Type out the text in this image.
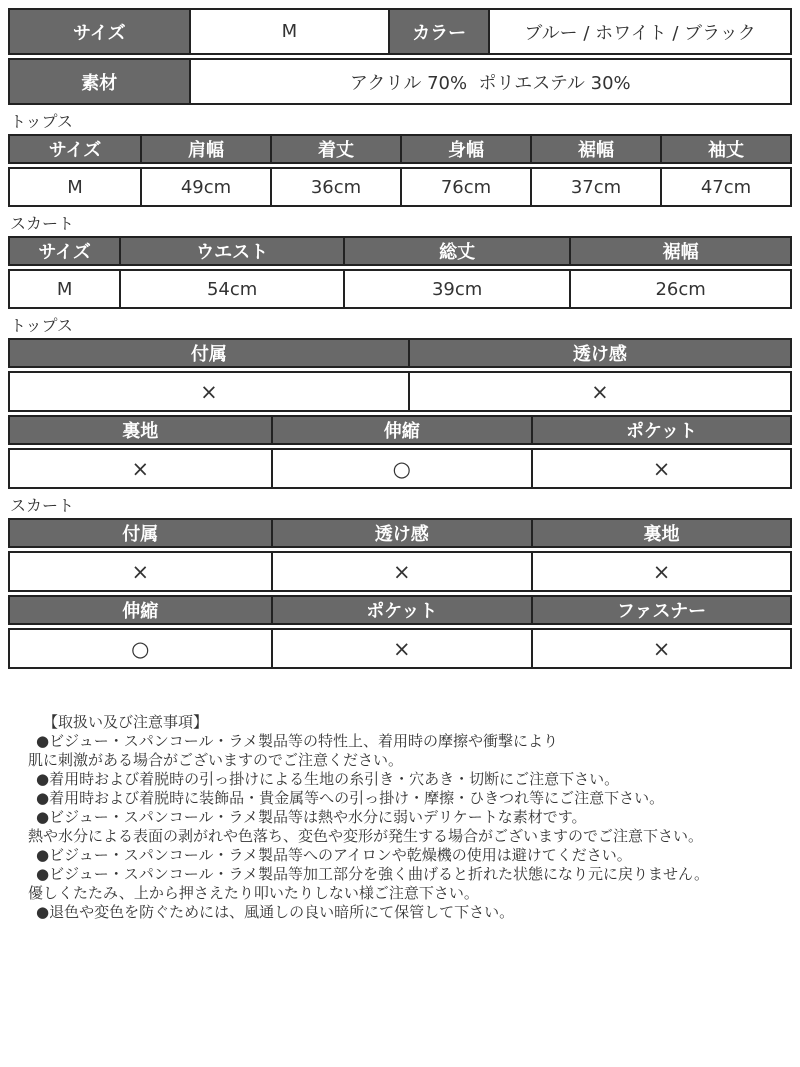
サイズ	M	カラー	ブルー / ホワイト / ブラック
素材	アクリル 70%  ポリエステル 30%
トップス
サイズ	肩幅	着丈	身幅	裾幅	袖丈
M	49cm	36cm	76cm	37cm	47cm
スカート
サイズ	ウエスト	総丈	裾幅
M	54cm	39cm	26cm
トップス
付属	透け感
×	×
裏地	伸縮	ポケット
×	○	×
スカート
付属	透け感	裏地
×	×	×
伸縮	ポケット	ファスナー
○	×	×
【取扱い及び注意事項】
●ビジュー・スパンコール・ラメ製品等の特性上、着用時の摩擦や衝撃により
肌に刺激がある場合がございますのでご注意ください。
●着用時および着脱時の引っ掛けによる生地の糸引き・穴あき・切断にご注意下さい。
●着用時および着脱時に装飾品・貴金属等への引っ掛け・摩擦・ひきつれ等にご注意下さい。
●ビジュー・スパンコール・ラメ製品等は熱や水分に弱いデリケートな素材です。
熱や水分による表面の剥がれや色落ち、変色や変形が発生する場合がございますのでご注意下さい。
●ビジュー・スパンコール・ラメ製品等へのアイロンや乾燥機の使用は避けてください。
●ビジュー・スパンコール・ラメ製品等加工部分を強く曲げると折れた状態になり元に戻りません。
優しくたたみ、上から押さえたり叩いたりしない様ご注意下さい。
●退色や変色を防ぐためには、風通しの良い暗所にて保管して下さい。
